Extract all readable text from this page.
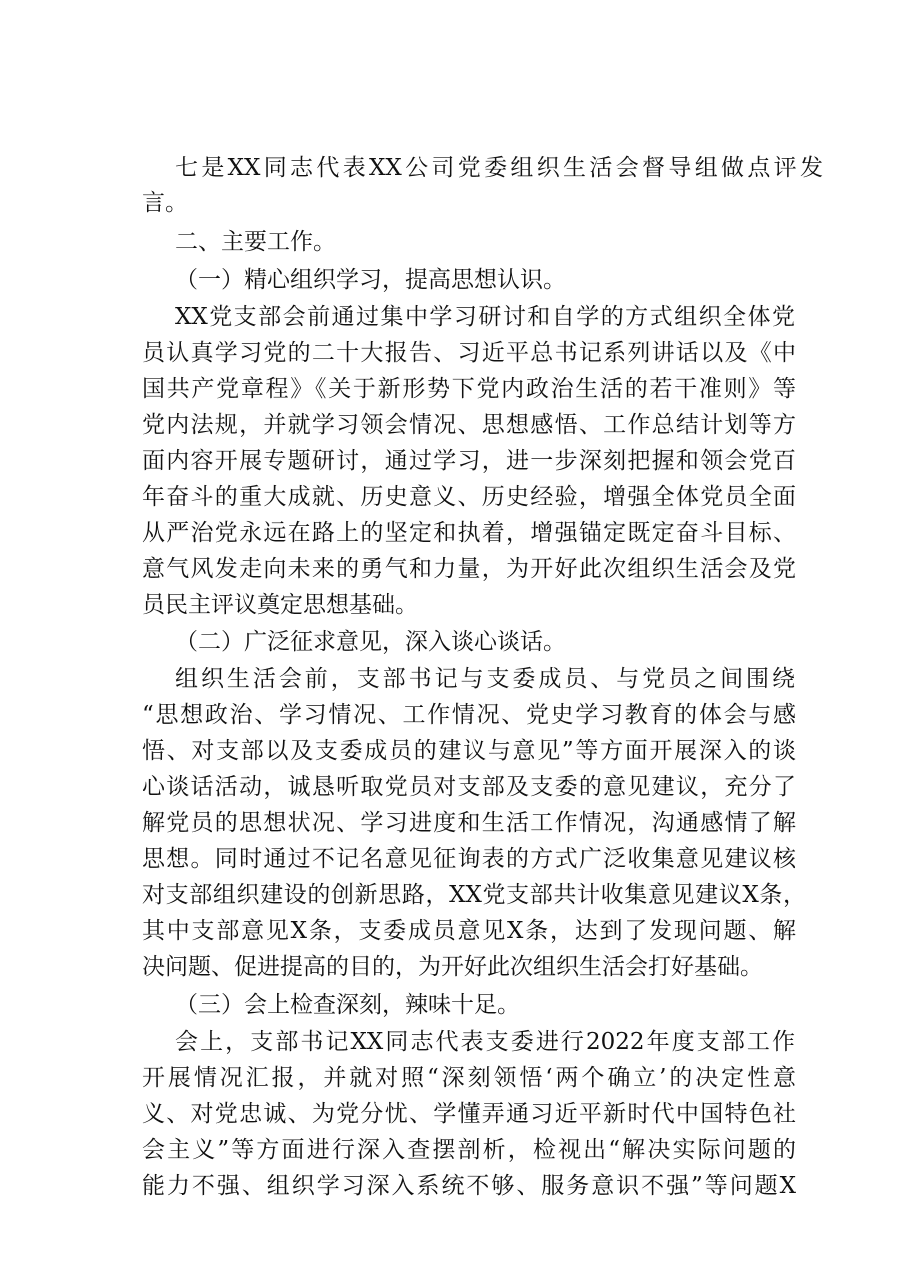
七是XX同志代表XX公司党委组织生活会督导组做点评发
言。
二、主要工作。
（一）精心组织学习，提高思想认识。
XX党支部会前通过集中学习研讨和自学的方式组织全体党
员认真学习党的二十大报告、习近平总书记系列讲话以及《中
国共产党章程》《关于新形势下党内政治生活的若干准则》等
党内法规，并就学习领会情况、思想感悟、工作总结计划等方
面内容开展专题研讨，通过学习，进一步深刻把握和领会党百
年奋斗的重大成就、历史意义、历史经验，增强全体党员全面
从严治党永远在路上的坚定和执着，增强锚定既定奋斗目标、
意气风发走向未来的勇气和力量，为开好此次组织生活会及党
员民主评议奠定思想基础。
（二）广泛征求意见，深入谈心谈话。
组织生活会前，支部书记与支委成员、与党员之间围绕
“思想政治、学习情况、工作情况、党史学习教育的体会与感
悟、对支部以及支委成员的建议与意见”等方面开展深入的谈
心谈话活动，诚恳听取党员对支部及支委的意见建议，充分了
解党员的思想状况、学习进度和生活工作情况，沟通感情了解
思想。同时通过不记名意见征询表的方式广泛收集意见建议核
对支部组织建设的创新思路，XX党支部共计收集意见建议X条，
其中支部意见X条，支委成员意见X条，达到了发现问题、解
决问题、促进提高的目的，为开好此次组织生活会打好基础。
（三）会上检查深刻，辣味十足。
会上，支部书记XX同志代表支委进行2022年度支部工作
开展情况汇报，并就对照“深刻领悟‘两个确立’的决定性意
义、对党忠诚、为党分忧、学懂弄通习近平新时代中国特色社
会主义”等方面进行深入查摆剖析，检视出“解决实际问题的
能力不强、组织学习深入系统不够、服务意识不强”等问题X
